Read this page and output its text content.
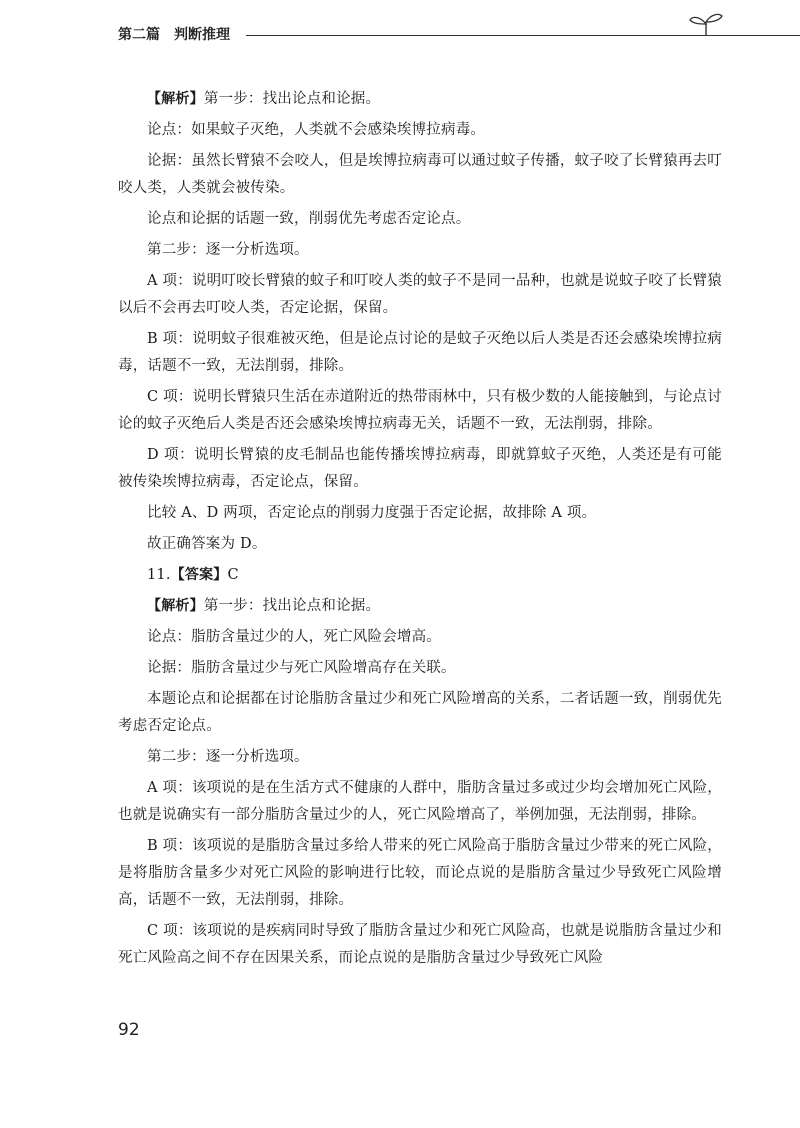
第二篇 判断推理

【解析】第一步：找出论点和论据。

论点：如果蚊子灭绝，人类就不会感染埃博拉病毒。

论据：虽然长臂猿不会咬人，但是埃博拉病毒可以通过蚊子传播，蚊子咬了长臂猿再去叮咬人类，人类就会被传染。

论点和论据的话题一致，削弱优先考虑否定论点。

第二步：逐一分析选项。

A 项：说明叮咬长臂猿的蚊子和叮咬人类的蚊子不是同一品种，也就是说蚊子咬了长臂猿以后不会再去叮咬人类，否定论据，保留。

B 项：说明蚊子很难被灭绝，但是论点讨论的是蚊子灭绝以后人类是否还会感染埃博拉病毒，话题不一致，无法削弱，排除。

C 项：说明长臂猿只生活在赤道附近的热带雨林中，只有极少数的人能接触到，与论点讨论的蚊子灭绝后人类是否还会感染埃博拉病毒无关，话题不一致，无法削弱，排除。

D 项：说明长臂猿的皮毛制品也能传播埃博拉病毒，即就算蚊子灭绝，人类还是有可能被传染埃博拉病毒，否定论点，保留。

比较 A、D 两项，否定论点的削弱力度强于否定论据，故排除 A 项。

故正确答案为 D。

11.【答案】C

【解析】第一步：找出论点和论据。

论点：脂肪含量过少的人，死亡风险会增高。

论据：脂肪含量过少与死亡风险增高存在关联。

本题论点和论据都在讨论脂肪含量过少和死亡风险增高的关系，二者话题一致，削弱优先考虑否定论点。

第二步：逐一分析选项。

A 项：该项说的是在生活方式不健康的人群中，脂肪含量过多或过少均会增加死亡风险，也就是说确实有一部分脂肪含量过少的人，死亡风险增高了，举例加强，无法削弱，排除。

B 项：该项说的是脂肪含量过多给人带来的死亡风险高于脂肪含量过少带来的死亡风险，是将脂肪含量多少对死亡风险的影响进行比较，而论点说的是脂肪含量过少导致死亡风险增高，话题不一致，无法削弱，排除。

C 项：该项说的是疾病同时导致了脂肪含量过少和死亡风险高，也就是说脂肪含量过少和死亡风险高之间不存在因果关系，而论点说的是脂肪含量过少导致死亡风险

92
